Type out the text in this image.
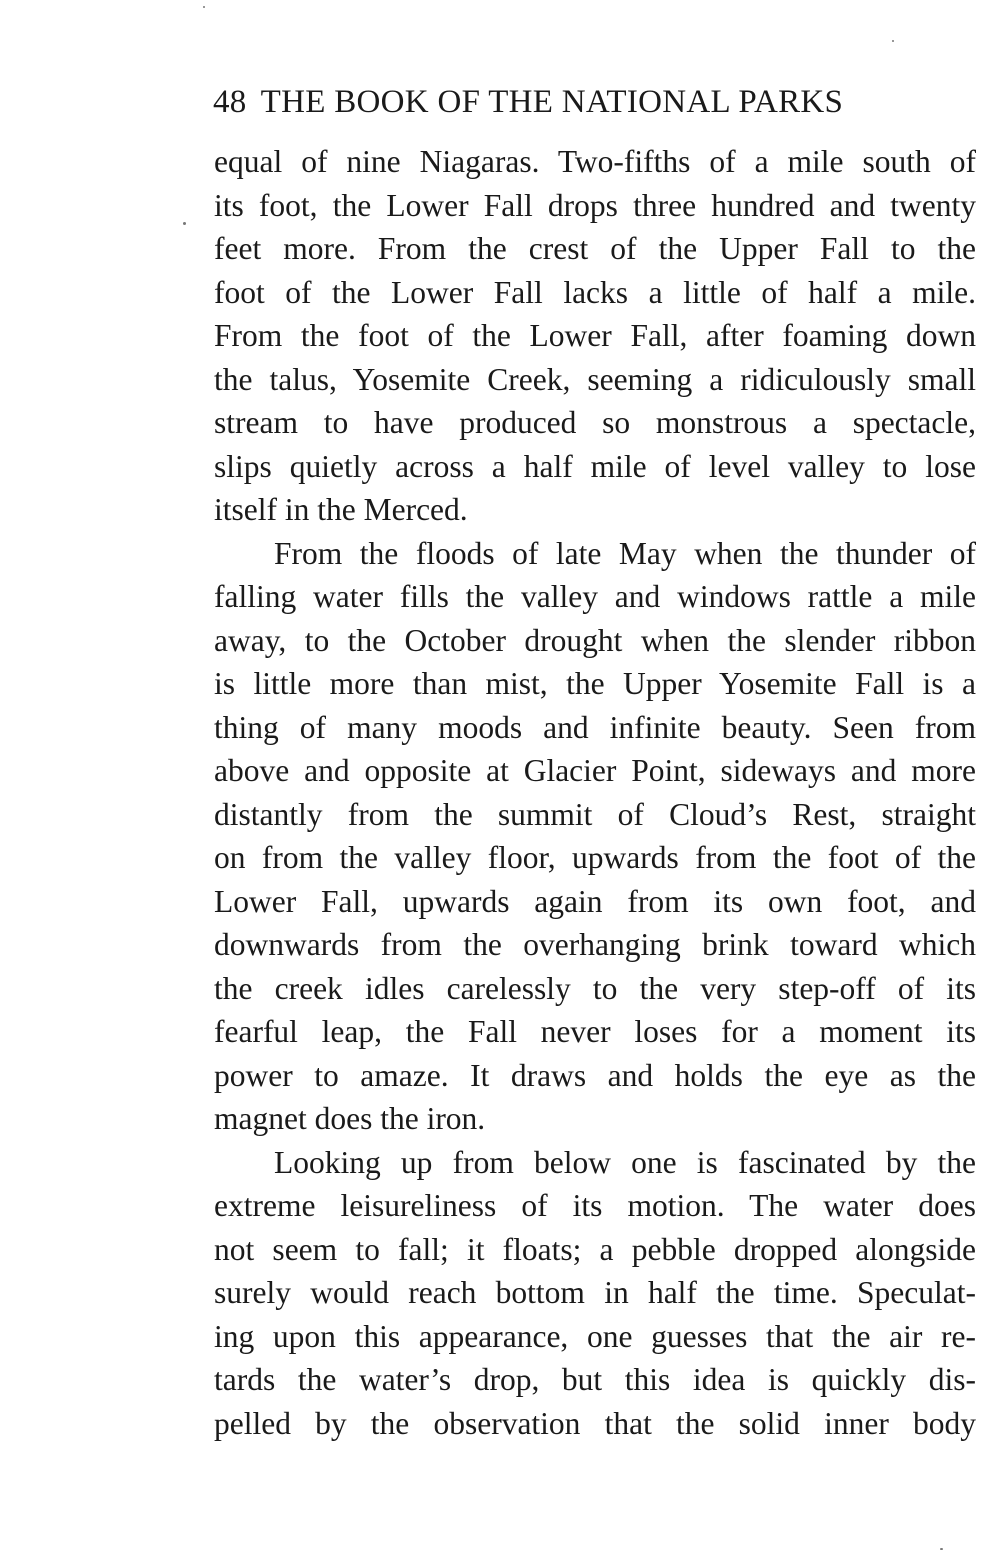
48 THE BOOK OF THE NATIONAL PARKS
equal of nine Niagaras. Two-fifths of a mile south of
its foot, the Lower Fall drops three hundred and twenty
feet more. From the crest of the Upper Fall to the
foot of the Lower Fall lacks a little of half a mile.
From the foot of the Lower Fall, after foaming down
the talus, Yosemite Creek, seeming a ridiculously small
stream to have produced so monstrous a spectacle,
slips quietly across a half mile of level valley to lose
itself in the Merced.
From the floods of late May when the thunder of
falling water fills the valley and windows rattle a mile
away, to the October drought when the slender ribbon
is little more than mist, the Upper Yosemite Fall is a
thing of many moods and infinite beauty. Seen from
above and opposite at Glacier Point, sideways and more
distantly from the summit of Cloud’s Rest, straight
on from the valley floor, upwards from the foot of the
Lower Fall, upwards again from its own foot, and
downwards from the overhanging brink toward which
the creek idles carelessly to the very step-off of its
fearful leap, the Fall never loses for a moment its
power to amaze. It draws and holds the eye as the
magnet does the iron.
Looking up from below one is fascinated by the
extreme leisureliness of its motion. The water does
not seem to fall; it floats; a pebble dropped alongside
surely would reach bottom in half the time. Speculat-
ing upon this appearance, one guesses that the air re-
tards the water’s drop, but this idea is quickly dis-
pelled by the observation that the solid inner body
